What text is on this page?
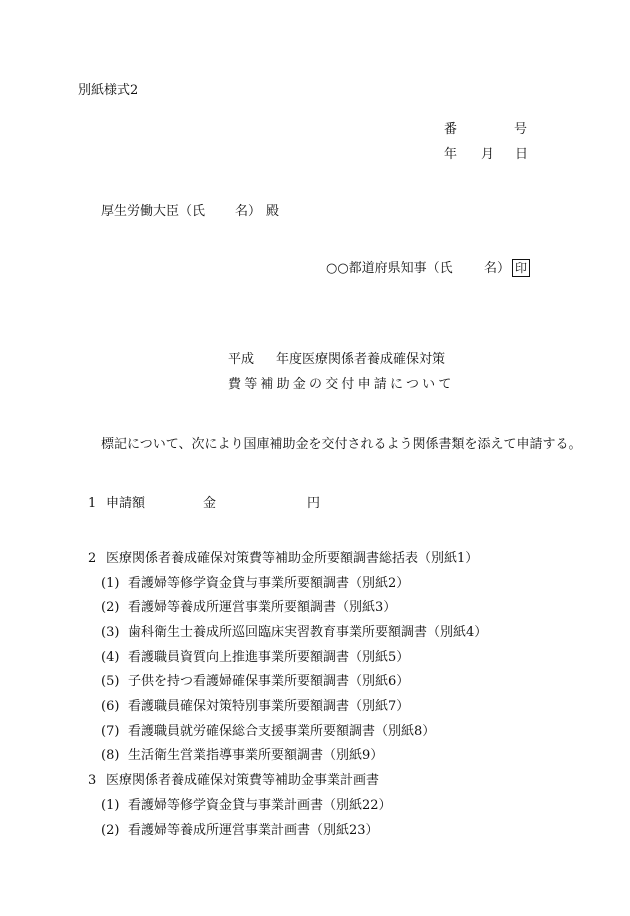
別紙様式2
番	号
年 月 日
厚生労働大臣（氏 名） 殿
○○都道府県知事（氏 名） 印
平成 年度医療関係者養成確保対策
費等補助金の交付申請について
標記について、次により国庫補助金を交付されるよう関係書類を添えて申請する。
1 申請額	金	円
2 医療関係者養成確保対策費等補助金所要額調書総括表（別紙1）
(1) 看護婦等修学資金貸与事業所要額調書（別紙2）
(2) 看護婦等養成所運営事業所要額調書（別紙3）
(3) 歯科衛生士養成所巡回臨床実習教育事業所要額調書（別紙4）
(4) 看護職員資質向上推進事業所要額調書（別紙5）
(5) 子供を持つ看護婦確保事業所要額調書（別紙6）
(6) 看護職員確保対策特別事業所要額調書（別紙7）
(7) 看護職員就労確保総合支援事業所要額調書（別紙8）
(8) 生活衛生営業指導事業所要額調書（別紙9）
3 医療関係者養成確保対策費等補助金事業計画書
(1) 看護婦等修学資金貸与事業計画書（別紙22）
(2) 看護婦等養成所運営事業計画書（別紙23）
